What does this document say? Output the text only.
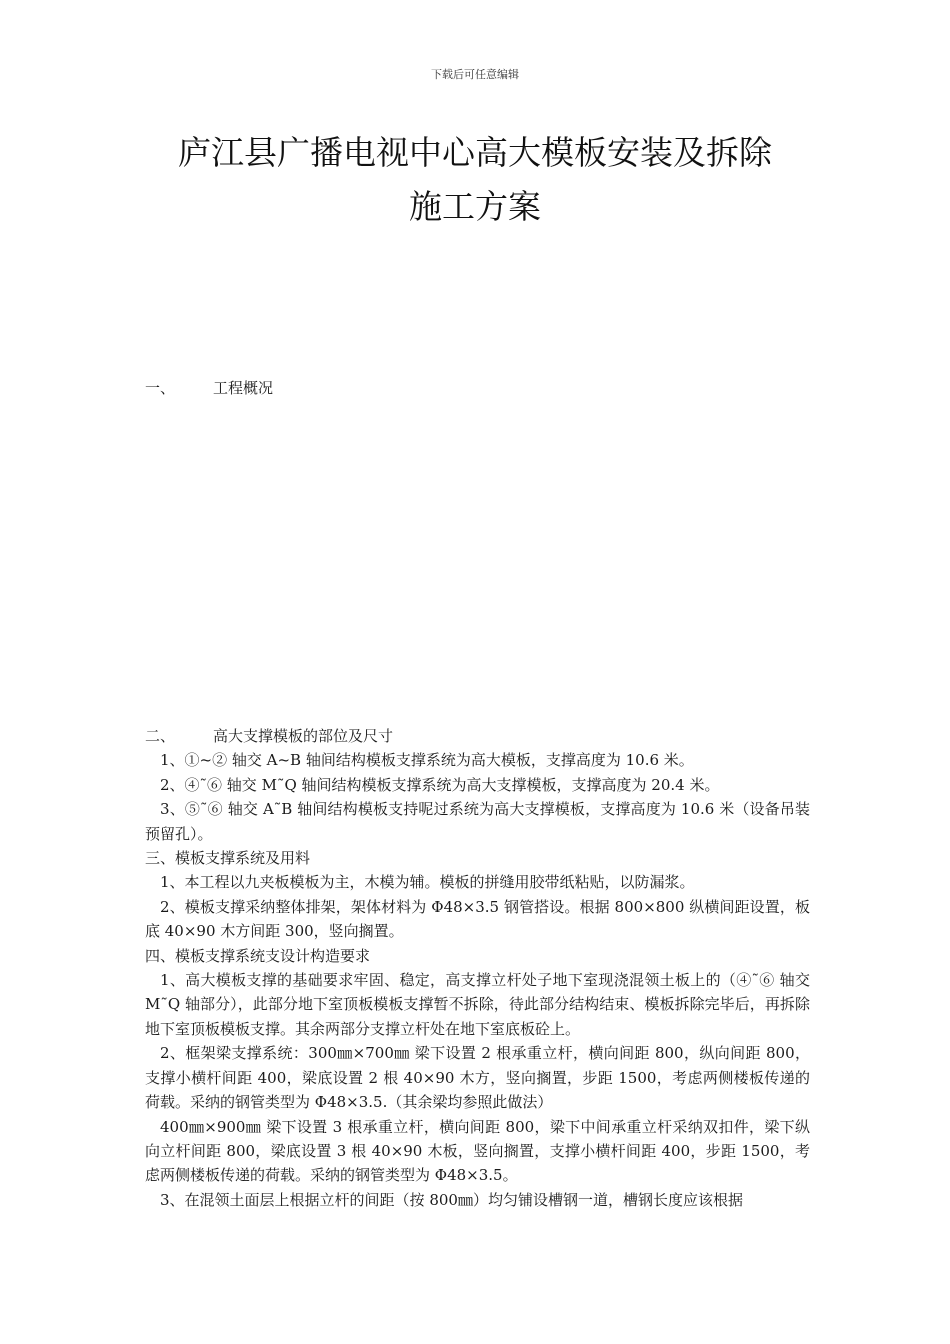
下载后可任意编辑
庐江县广播电视中心高大模板安装及拆除
施工方案
一、	工程概况

二、	高大支撑模板的部位及尺寸

1、①~② 轴交 A~B 轴间结构模板支撑系统为高大模板，支撑高度为 10.6 米。

2、④˜⑥ 轴交 M˜Q 轴间结构模板支撑系统为高大支撑模板，支撑高度为 20.4 米。

3、⑤˜⑥ 轴交 A˜B 轴间结构模板支持呢过系统为高大支撑模板，支撑高度为 10.6 米（设备吊装预留孔）。

三、模板支撑系统及用料

1、本工程以九夹板模板为主，木模为辅。模板的拼缝用胶带纸粘贴，以防漏浆。

2、模板支撑采纳整体排架，架体材料为 Φ48×3.5 钢管搭设。根据 800×800 纵横间距设置，板底 40×90 木方间距 300，竖向搁置。

四、模板支撑系统支设计构造要求

1、高大模板支撑的基础要求牢固、稳定，高支撑立杆处子地下室现浇混领土板上的（④˜⑥ 轴交 M˜Q 轴部分），此部分地下室顶板模板支撑暂不拆除，待此部分结构结束、模板拆除完毕后，再拆除地下室顶板模板支撑。其余两部分支撑立杆处在地下室底板砼上。

2、框架梁支撑系统：300㎜×700㎜ 梁下设置 2 根承重立杆，横向间距 800，纵向间距 800，支撑小横杆间距 400，梁底设置 2 根 40×90 木方，竖向搁置，步距 1500，考虑两侧楼板传递的荷载。采纳的钢管类型为 Φ48×3.5.（其余梁均参照此做法）

400㎜×900㎜ 梁下设置 3 根承重立杆，横向间距 800，梁下中间承重立杆采纳双扣件，梁下纵向立杆间距 800，梁底设置 3 根 40×90 木板，竖向搁置，支撑小横杆间距 400，步距 1500，考虑两侧楼板传递的荷载。采纳的钢管类型为 Φ48×3.5。

3、在混领土面层上根据立杆的间距（按 800㎜）均匀铺设槽钢一道，槽钢长度应该根据
